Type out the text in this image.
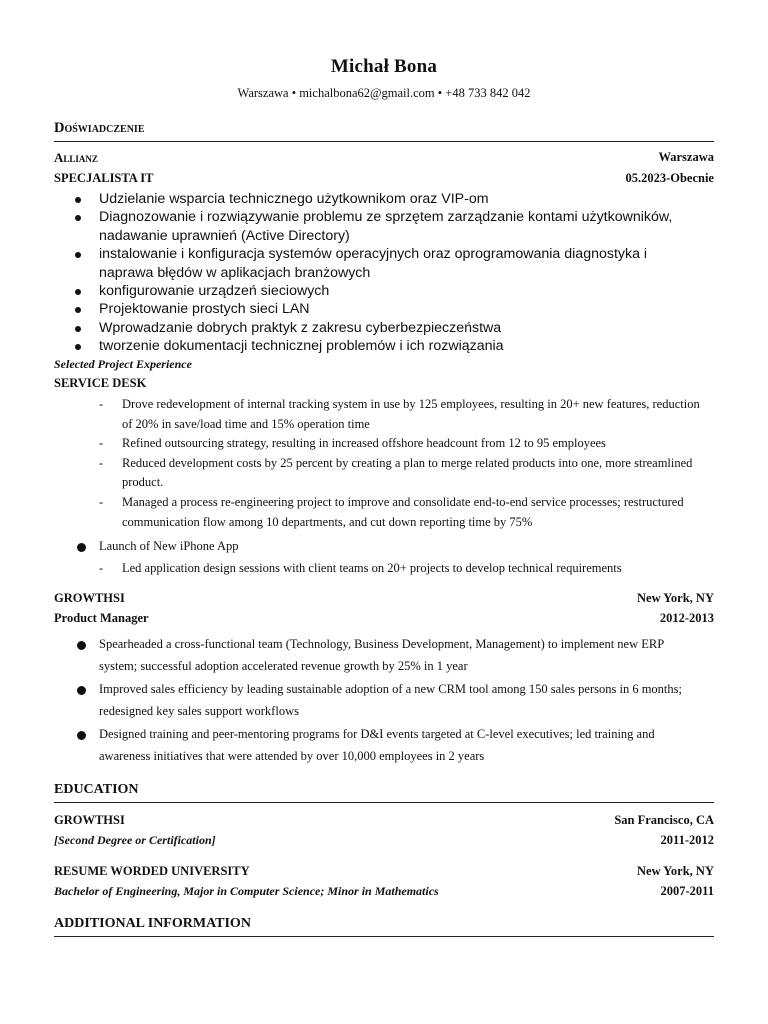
Michał Bona
Warszawa • michalbona62@gmail.com • +48 733 842 042
Doświadczenie
Allianz	Warszawa
SPECJALISTA IT	05.2023-Obecnie
Udzielanie wsparcia technicznego użytkownikom oraz VIP-om
Diagnozowanie i rozwiązywanie problemu ze sprzętem zarządzanie kontami użytkowników, nadawanie uprawnień (Active Directory)
instalowanie i konfiguracja systemów operacyjnych oraz oprogramowania diagnostyka i naprawa błędów w aplikacjach branżowych
konfigurowanie urządzeń sieciowych
Projektowanie prostych sieci LAN
Wprowadzanie dobrych praktyk z zakresu cyberbezpieczeństwa
tworzenie dokumentacji technicznej problemów i ich rozwiązania
Selected Project Experience
SERVICE DESK
- Drove redevelopment of internal tracking system in use by 125 employees, resulting in 20+ new features, reduction of 20% in save/load time and 15% operation time
- Refined outsourcing strategy, resulting in increased offshore headcount from 12 to 95 employees
- Reduced development costs by 25 percent by creating a plan to merge related products into one, more streamlined product.
- Managed a process re-engineering project to improve and consolidate end-to-end service processes; restructured communication flow among 10 departments, and cut down reporting time by 75%
Launch of New iPhone App
- Led application design sessions with client teams on 20+ projects to develop technical requirements
GROWTHSI	New York, NY
Product Manager	2012-2013
Spearheaded a cross-functional team (Technology, Business Development, Management) to implement new ERP system; successful adoption accelerated revenue growth by 25% in 1 year
Improved sales efficiency by leading sustainable adoption of a new CRM tool among 150 sales persons in 6 months; redesigned key sales support workflows
Designed training and peer-mentoring programs for D&I events targeted at C-level executives; led training and awareness initiatives that were attended by over 10,000 employees in 2 years
EDUCATION
GROWTHSI	San Francisco, CA
[Second Degree or Certification]	2011-2012
RESUME WORDED UNIVERSITY	New York, NY
Bachelor of Engineering, Major in Computer Science; Minor in Mathematics	2007-2011
ADDITIONAL INFORMATION
